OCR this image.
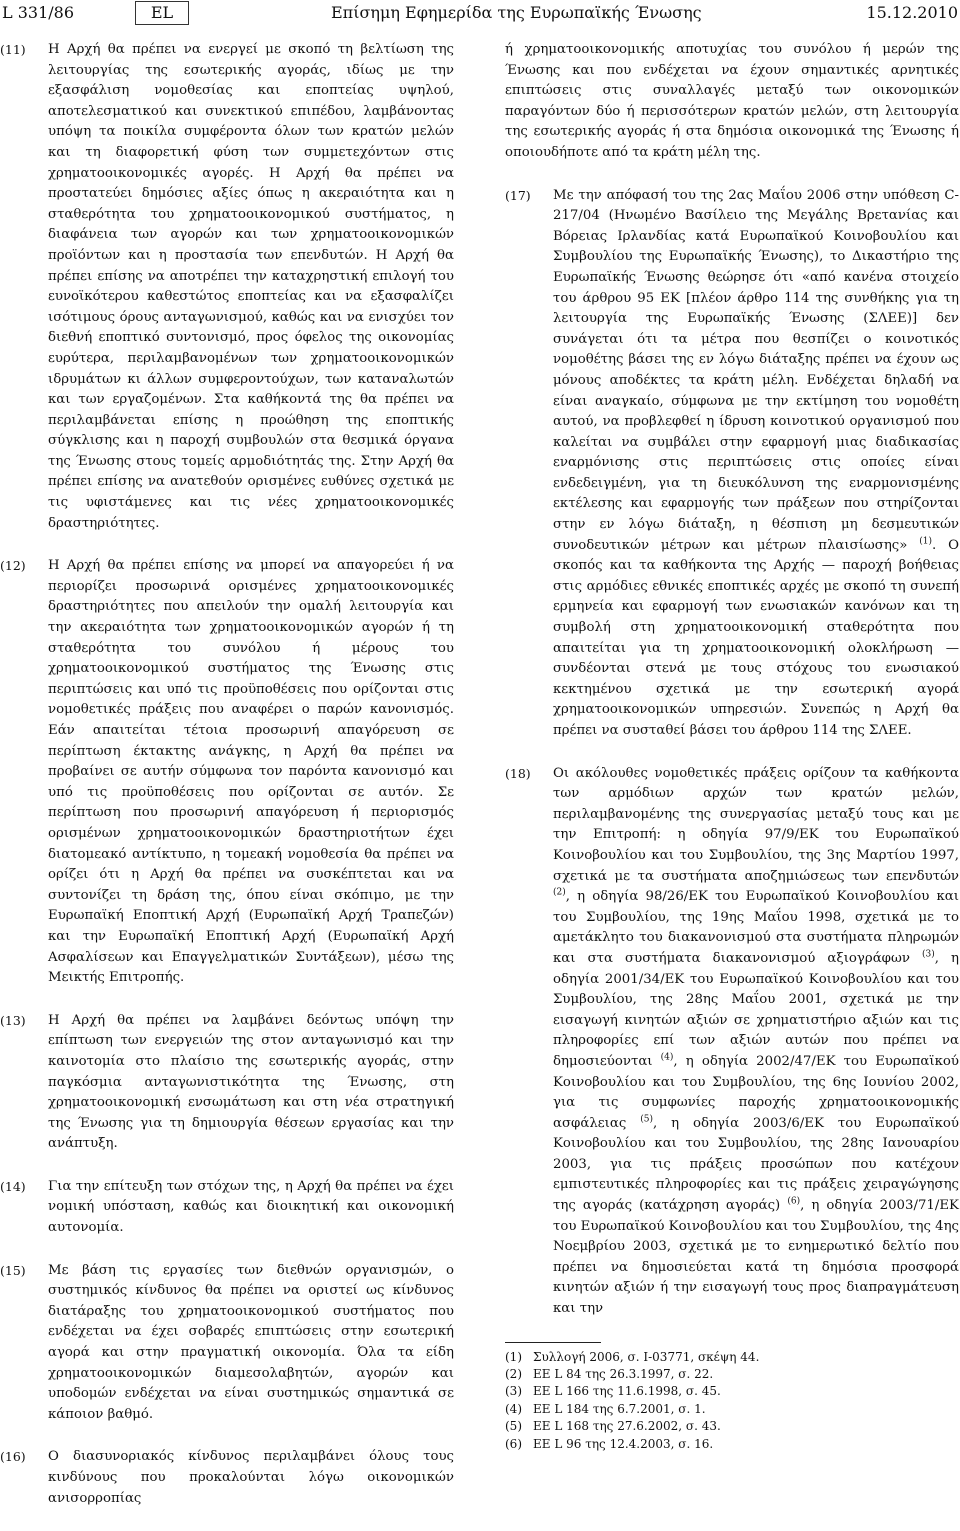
L 331/86	EL	Επίσημη Εφημερίδα της Ευρωπαϊκής Ένωσης	15.12.2010
(11) Η Αρχή θα πρέπει να ενεργεί με σκοπό τη βελτίωση της λειτουργίας της εσωτερικής αγοράς, ιδίως με την εξασφάλιση νομοθεσίας και εποπτείας υψηλού, αποτελεσματικού και συνεκτικού επιπέδου, λαμβάνοντας υπόψη τα ποικίλα συμφέροντα όλων των κρατών μελών και τη διαφορετική φύση των συμμετεχόντων στις χρηματοοικονομικές αγορές. Η Αρχή θα πρέπει να προστατεύει δημόσιες αξίες όπως η ακεραιότητα και η σταθερότητα του χρηματοοικονομικού συστήματος, η διαφάνεια των αγορών και των χρηματοοικονομικών προϊόντων και η προστασία των επενδυτών. Η Αρχή θα πρέπει επίσης να αποτρέπει την καταχρηστική επιλογή του ευνοϊκότερου καθεστώτος εποπτείας και να εξασφαλίζει ισότιμους όρους ανταγωνισμού, καθώς και να ενισχύει τον διεθνή εποπτικό συντονισμό, προς όφελος της οικονομίας ευρύτερα, περιλαμβανομένων των χρηματοοικονομικών ιδρυμάτων κι άλλων συμφεροντούχων, των καταναλωτών και των εργαζομένων. Στα καθήκοντά της θα πρέπει να περιλαμβάνεται επίσης η προώθηση της εποπτικής σύγκλισης και η παροχή συμβουλών στα θεσμικά όργανα της Ένωσης στους τομείς αρμοδιότητάς της. Στην Αρχή θα πρέπει επίσης να ανατεθούν ορισμένες ευθύνες σχετικά με τις υφιστάμενες και τις νέες χρηματοοικονομικές δραστηριότητες.

(12) Η Αρχή θα πρέπει επίσης να μπορεί να απαγορεύει ή να περιορίζει προσωρινά ορισμένες χρηματοοικονομικές δραστηριότητες που απειλούν την ομαλή λειτουργία και την ακεραιότητα των χρηματοοικονομικών αγορών ή τη σταθερότητα του συνόλου ή μέρους του χρηματοοικονομικού συστήματος της Ένωσης στις περιπτώσεις και υπό τις προϋποθέσεις που ορίζονται στις νομοθετικές πράξεις που αναφέρει ο παρών κανονισμός. Εάν απαιτείται τέτοια προσωρινή απαγόρευση σε περίπτωση έκτακτης ανάγκης, η Αρχή θα πρέπει να προβαίνει σε αυτήν σύμφωνα τον παρόντα κανονισμό και υπό τις προϋποθέσεις που ορίζονται σε αυτόν. Σε περίπτωση που προσωρινή απαγόρευση ή περιορισμός ορισμένων χρηματοοικονομικών δραστηριοτήτων έχει διατομεακό αντίκτυπο, η τομεακή νομοθεσία θα πρέπει να ορίζει ότι η Αρχή θα πρέπει να συσκέπτεται και να συντονίζει τη δράση της, όπου είναι σκόπιμο, με την Ευρωπαϊκή Εποπτική Αρχή (Ευρωπαϊκή Αρχή Τραπεζών) και την Ευρωπαϊκή Εποπτική Αρχή (Ευρωπαϊκή Αρχή Ασφαλίσεων και Επαγγελματικών Συντάξεων), μέσω της Μεικτής Επιτροπής.

(13) Η Αρχή θα πρέπει να λαμβάνει δεόντως υπόψη την επίπτωση των ενεργειών της στον ανταγωνισμό και την καινοτομία στο πλαίσιο της εσωτερικής αγοράς, στην παγκόσμια ανταγωνιστικότητα της Ένωσης, στη χρηματοοικονομική ενσωμάτωση και στη νέα στρατηγική της Ένωσης για τη δημιουργία θέσεων εργασίας και την ανάπτυξη.

(14) Για την επίτευξη των στόχων της, η Αρχή θα πρέπει να έχει νομική υπόσταση, καθώς και διοικητική και οικονομική αυτονομία.

(15) Με βάση τις εργασίες των διεθνών οργανισμών, ο συστημικός κίνδυνος θα πρέπει να οριστεί ως κίνδυνος διατάραξης του χρηματοοικονομικού συστήματος που ενδέχεται να έχει σοβαρές επιπτώσεις στην εσωτερική αγορά και στην πραγματική οικονομία. Όλα τα είδη χρηματοοικονομικών διαμεσολαβητών, αγορών και υποδομών ενδέχεται να είναι συστημικώς σημαντικά σε κάποιον βαθμό.

(16) Ο διασυνοριακός κίνδυνος περιλαμβάνει όλους τους κινδύνους που προκαλούνται λόγω οικονομικών ανισορροπίας

ή χρηματοοικονομικής αποτυχίας του συνόλου ή μερών της Ένωσης και που ενδέχεται να έχουν σημαντικές αρνητικές επιπτώσεις στις συναλλαγές μεταξύ των οικονομικών παραγόντων δύο ή περισσότερων κρατών μελών, στη λειτουργία της εσωτερικής αγοράς ή στα δημόσια οικονομικά της Ένωσης ή οποιουδήποτε από τα κράτη μέλη της.

(17) Με την απόφασή του της 2ας Μαΐου 2006 στην υπόθεση C-217/04 (Ηνωμένο Βασίλειο της Μεγάλης Βρετανίας και Βόρειας Ιρλανδίας κατά Ευρωπαϊκού Κοινοβουλίου και Συμβουλίου της Ευρωπαϊκής Ένωσης), το Δικαστήριο της Ευρωπαϊκής Ένωσης θεώρησε ότι «από κανένα στοιχείο του άρθρου 95 ΕΚ [πλέον άρθρο 114 της συνθήκης για τη λειτουργία της Ευρωπαϊκής Ένωσης (ΣΛΕΕ)] δεν συνάγεται ότι τα μέτρα που θεσπίζει ο κοινοτικός νομοθέτης βάσει της εν λόγω διάταξης πρέπει να έχουν ως μόνους αποδέκτες τα κράτη μέλη. Ενδέχεται δηλαδή να είναι αναγκαίο, σύμφωνα με την εκτίμηση του νομοθέτη αυτού, να προβλεφθεί η ίδρυση κοινοτικού οργανισμού που καλείται να συμβάλει στην εφαρμογή μιας διαδικασίας εναρμόνισης στις περιπτώσεις στις οποίες είναι ενδεδειγμένη, για τη διευκόλυνση της εναρμονισμένης εκτέλεσης και εφαρμογής των πράξεων που στηρίζονται στην εν λόγω διάταξη, η θέσπιση μη δεσμευτικών συνοδευτικών μέτρων και μέτρων πλαισίωσης» $^{(1)}$. Ο σκοπός και τα καθήκοντα της Αρχής — παροχή βοήθειας στις αρμόδιες εθνικές εποπτικές αρχές με σκοπό τη συνεπή ερμηνεία και εφαρμογή των ενωσιακών κανόνων και τη συμβολή στη χρηματοοικονομική σταθερότητα που απαιτείται για τη χρηματοοικονομική ολοκλήρωση — συνδέονται στενά με τους στόχους του ενωσιακού κεκτημένου σχετικά με την εσωτερική αγορά χρηματοοικονομικών υπηρεσιών. Συνεπώς η Αρχή θα πρέπει να συσταθεί βάσει του άρθρου 114 της ΣΛΕΕ.

(18) Οι ακόλουθες νομοθετικές πράξεις ορίζουν τα καθήκοντα των αρμόδιων αρχών των κρατών μελών, περιλαμβανομένης της συνεργασίας μεταξύ τους και με την Επιτροπή: η οδηγία 97/9/ΕΚ του Ευρωπαϊκού Κοινοβουλίου και του Συμβουλίου, της 3ης Μαρτίου 1997, σχετικά με τα συστήματα αποζημιώσεως των επενδυτών $^{(2)}$, η οδηγία 98/26/ΕΚ του Ευρωπαϊκού Κοινοβουλίου και του Συμβουλίου, της 19ης Μαΐου 1998, σχετικά με το αμετάκλητο του διακανονισμού στα συστήματα πληρωμών και στα συστήματα διακανονισμού αξιογράφων $^{(3)}$, η οδηγία 2001/34/ΕΚ του Ευρωπαϊκού Κοινοβουλίου και του Συμβουλίου, της 28ης Μαΐου 2001, σχετικά με την εισαγωγή κινητών αξιών σε χρηματιστήριο αξιών και τις πληροφορίες επί των αξιών αυτών που πρέπει να δημοσιεύονται $^{(4)}$, η οδηγία 2002/47/ΕΚ του Ευρωπαϊκού Κοινοβουλίου και του Συμβουλίου, της 6ης Ιουνίου 2002, για τις συμφωνίες παροχής χρηματοοικονομικής ασφάλειας $^{(5)}$, η οδηγία 2003/6/ΕΚ του Ευρωπαϊκού Κοινοβουλίου και του Συμβουλίου, της 28ης Ιανουαρίου 2003, για τις πράξεις προσώπων που κατέχουν εμπιστευτικές πληροφορίες και τις πράξεις χειραγώγησης της αγοράς (κατάχρηση αγοράς) $^{(6)}$, η οδηγία 2003/71/ΕΚ του Ευρωπαϊκού Κοινοβουλίου και του Συμβουλίου, της 4ης Νοεμβρίου 2003, σχετικά με το ενημερωτικό δελτίο που πρέπει να δημοσιεύεται κατά τη δημόσια προσφορά κινητών αξιών ή την εισαγωγή τους προς διαπραγμάτευση και την

(1) Συλλογή 2006, σ. I-03771, σκέψη 44.
(2) ΕΕ L 84 της 26.3.1997, σ. 22.
(3) ΕΕ L 166 της 11.6.1998, σ. 45.
(4) ΕΕ L 184 της 6.7.2001, σ. 1.
(5) ΕΕ L 168 της 27.6.2002, σ. 43.
(6) ΕΕ L 96 της 12.4.2003, σ. 16.
